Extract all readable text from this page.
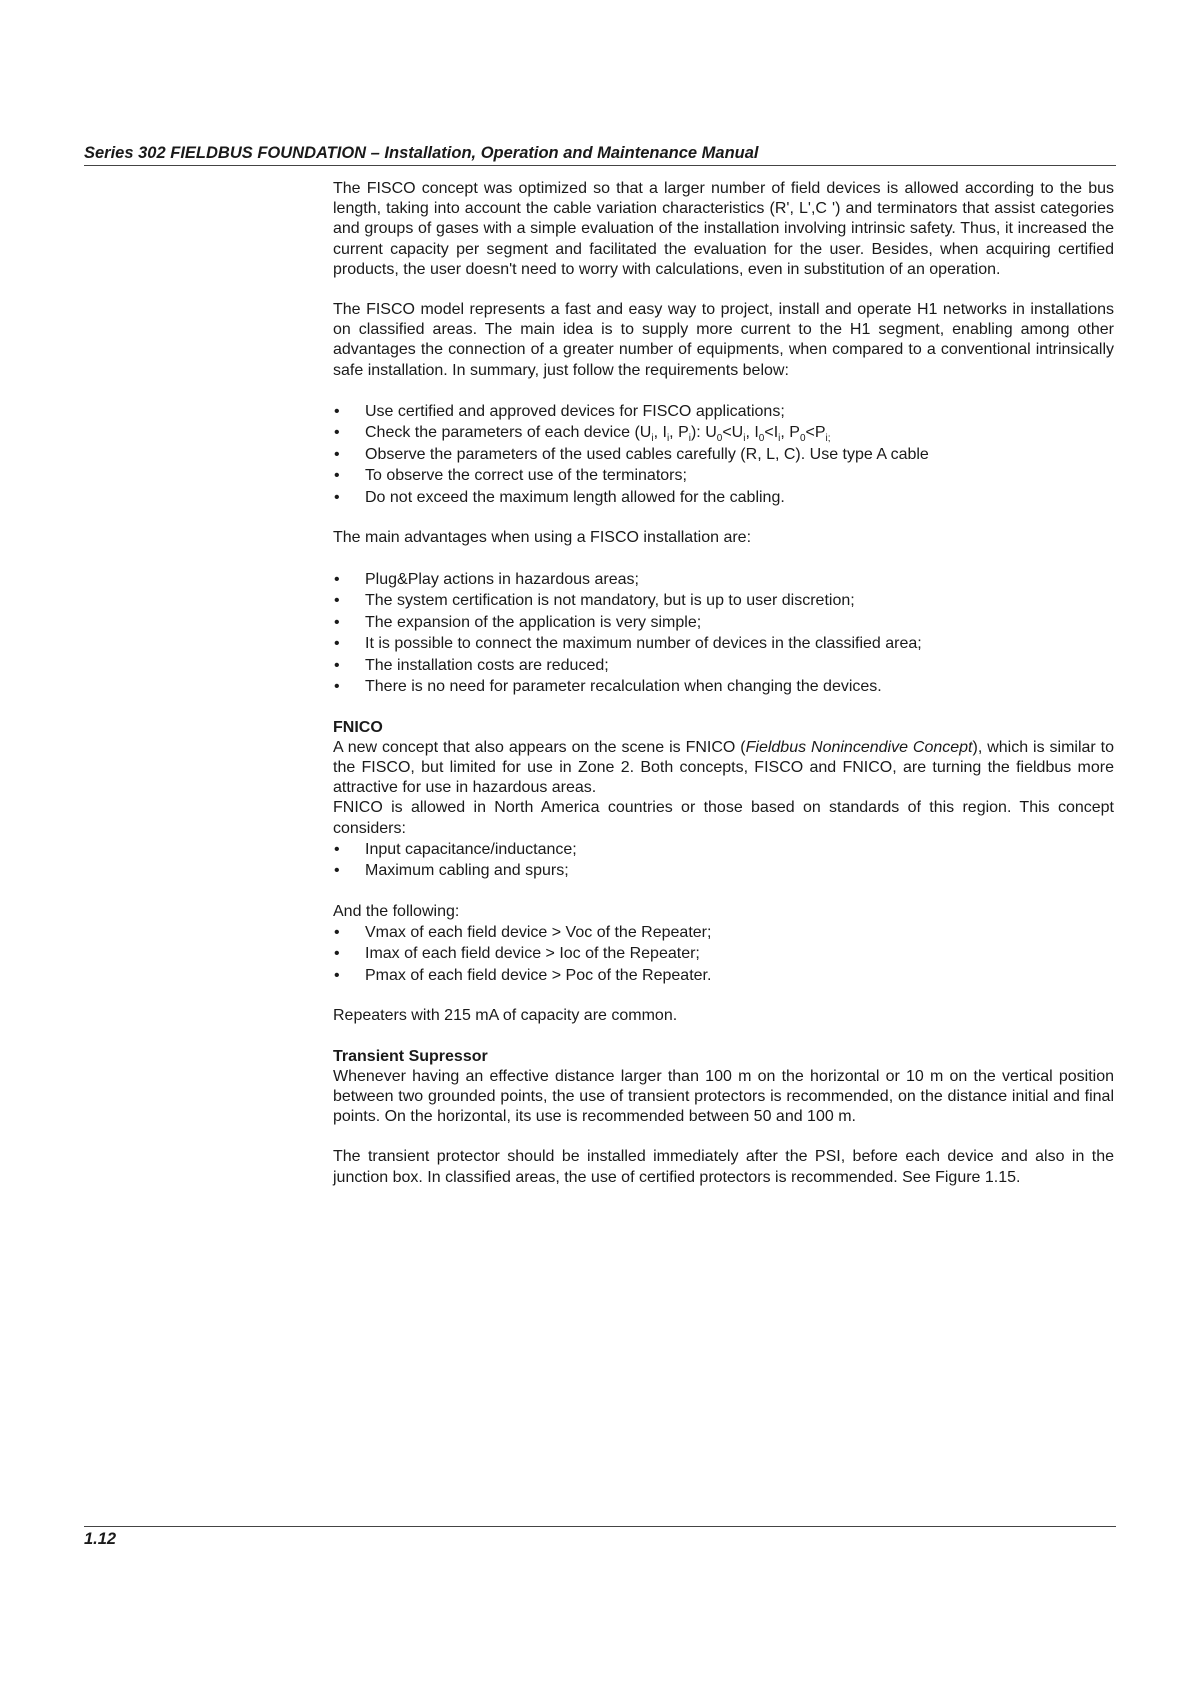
Series 302 FIELDBUS FOUNDATION – Installation, Operation and Maintenance Manual

The FISCO concept was optimized so that a larger number of field devices is allowed according to the bus length, taking into account the cable variation characteristics (R', L',C ') and terminators that assist categories and groups of gases with a simple evaluation of the installation involving intrinsic safety. Thus, it increased the current capacity per segment and facilitated the evaluation for the user. Besides, when acquiring certified products, the user doesn't need to worry with calculations, even in substitution of an operation.

The FISCO model represents a fast and easy way to project, install and operate H1 networks in installations on classified areas. The main idea is to supply more current to the H1 segment, enabling among other advantages the connection of a greater number of equipments, when compared to a conventional intrinsically safe installation. In summary, just follow the requirements below:

• Use certified and approved devices for FISCO applications;
• Check the parameters of each device ($U_i$, $I_i$, $P_i$): $U_0<U_i$, $I_0<I_i$, $P_0<P_{i;}$
• Observe the parameters of the used cables carefully (R, L, C). Use type A cable
• To observe the correct use of the terminators;
• Do not exceed the maximum length allowed for the cabling.

The main advantages when using a FISCO installation are:

• Plug&Play actions in hazardous areas;
• The system certification is not mandatory, but is up to user discretion;
• The expansion of the application is very simple;
• It is possible to connect the maximum number of devices in the classified area;
• The installation costs are reduced;
• There is no need for parameter recalculation when changing the devices.
FNICO

A new concept that also appears on the scene is FNICO (Fieldbus Nonincendive Concept), which is similar to the FISCO, but limited for use in Zone 2. Both concepts, FISCO and FNICO, are turning the fieldbus more attractive for use in hazardous areas.

FNICO is allowed in North America countries or those based on standards of this region. This concept considers:

• Input capacitance/inductance;
• Maximum cabling and spurs;

And the following:

• Vmax of each field device > Voc of the Repeater;
• Imax of each field device > Ioc of the Repeater;
• Pmax of each field device > Poc of the Repeater.

Repeaters with 215 mA of capacity are common.

Transient Supressor

Whenever having an effective distance larger than 100 m on the horizontal or 10 m on the vertical position between two grounded points, the use of transient protectors is recommended, on the distance initial and final points. On the horizontal, its use is recommended between 50 and 100 m.

The transient protector should be installed immediately after the PSI, before each device and also in the junction box. In classified areas, the use of certified protectors is recommended. See Figure 1.15.

1.12
